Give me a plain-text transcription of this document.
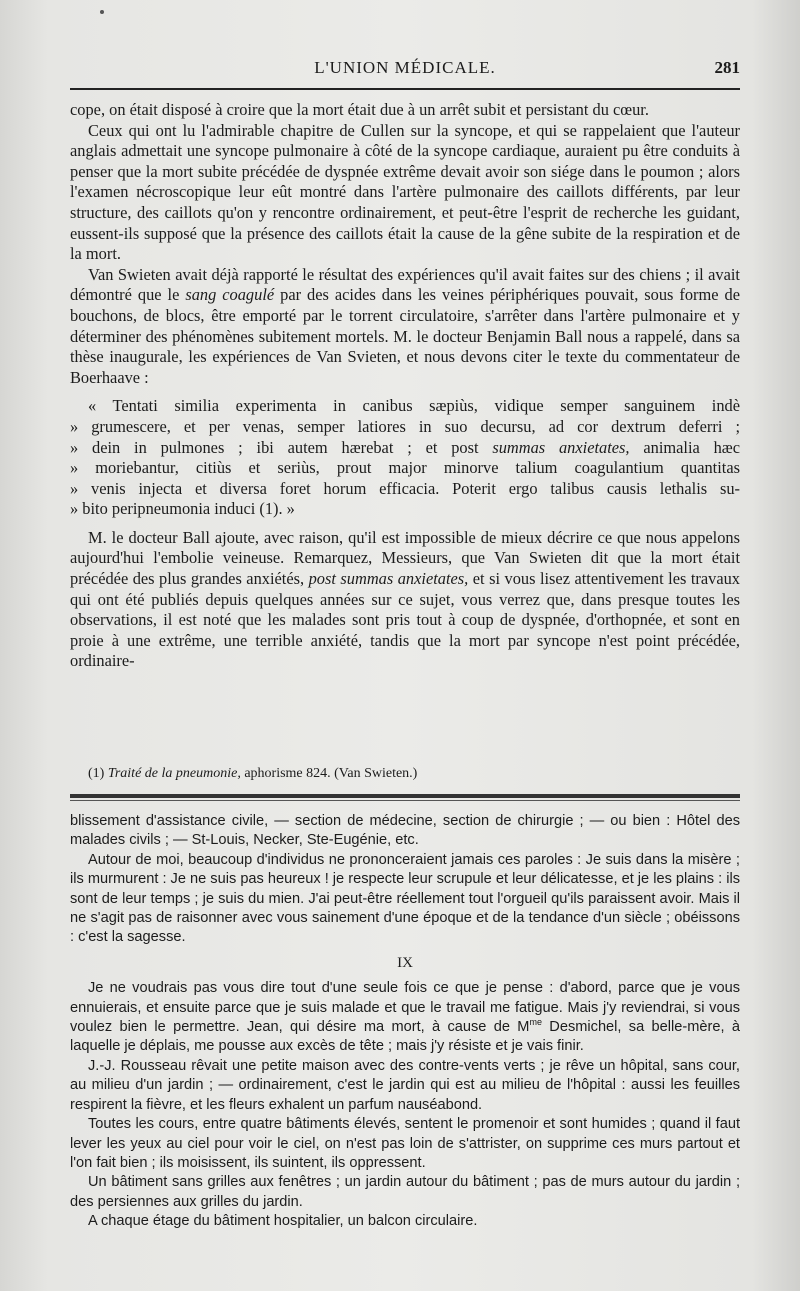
L'UNION MÉDICALE.	281

cope, on était disposé à croire que la mort était due à un arrêt subit et persistant du cœur.

Ceux qui ont lu l'admirable chapitre de Cullen sur la syncope, et qui se rappelaient que l'auteur anglais admettait une syncope pulmonaire à côté de la syncope cardiaque, auraient pu être conduits à penser que la mort subite précédée de dyspnée extrême devait avoir son siége dans le poumon ; alors l'examen nécroscopique leur eût montré dans l'artère pulmonaire des caillots différents, par leur structure, des caillots qu'on y rencontre ordinairement, et peut-être l'esprit de recherche les guidant, eussent-ils supposé que la présence des caillots était la cause de la gêne subite de la respiration et de la mort.

Van Swieten avait déjà rapporté le résultat des expériences qu'il avait faites sur des chiens ; il avait démontré que le sang coagulé par des acides dans les veines périphériques pouvait, sous forme de bouchons, de blocs, être emporté par le torrent circulatoire, s'arrêter dans l'artère pulmonaire et y déterminer des phénomènes subitement mortels. M. le docteur Benjamin Ball nous a rappelé, dans sa thèse inaugurale, les expériences de Van Svieten, et nous devons citer le texte du commentateur de Boerhaave :

« Tentati similia experimenta in canibus sæpiùs, vidique semper sanguinem indè
» grumescere, et per venas, semper latiores in suo decursu, ad cor dextrum deferri ;
» dein in pulmones ; ibi autem hærebat ; et post summas anxietates, animalia hæc
» moriebantur, citiùs et seriùs, prout major minorve talium coagulantium quantitas
» venis injecta et diversa foret horum efficacia. Poterit ergo talibus causis lethalis su-
» bito peripneumonia induci (1). »

M. le docteur Ball ajoute, avec raison, qu'il est impossible de mieux décrire ce que nous appelons aujourd'hui l'embolie veineuse. Remarquez, Messieurs, que Van Swieten dit que la mort était précédée des plus grandes anxiétés, post summas anxietates, et si vous lisez attentivement les travaux qui ont été publiés depuis quelques années sur ce sujet, vous verrez que, dans presque toutes les observations, il est noté que les malades sont pris tout à coup de dyspnée, d'orthopnée, et sont en proie à une extrême, une terrible anxiété, tandis que la mort par syncope n'est point précédée, ordinaire-

(1) Traité de la pneumonie, aphorisme 824. (Van Swieten.)

blissement d'assistance civile, — section de médecine, section de chirurgie ; — ou bien : Hôtel des malades civils ; — St-Louis, Necker, Ste-Eugénie, etc.

Autour de moi, beaucoup d'individus ne prononceraient jamais ces paroles : Je suis dans la misère ; ils murmurent : Je ne suis pas heureux ! je respecte leur scrupule et leur délicatesse, et je les plains : ils sont de leur temps ; je suis du mien. J'ai peut-être réellement tout l'orgueil qu'ils paraissent avoir. Mais il ne s'agit pas de raisonner avec vous sainement d'une époque et de la tendance d'un siècle ; obéissons : c'est la sagesse.

IX

Je ne voudrais pas vous dire tout d'une seule fois ce que je pense : d'abord, parce que je vous ennuierais, et ensuite parce que je suis malade et que le travail me fatigue. Mais j'y reviendrai, si vous voulez bien le permettre. Jean, qui désire ma mort, à cause de $M^{me}$ Desmichel, sa belle-mère, à laquelle je déplais, me pousse aux excès de tête ; mais j'y résiste et je vais finir.

J.-J. Rousseau rêvait une petite maison avec des contre-vents verts ; je rêve un hôpital, sans cour, au milieu d'un jardin ; — ordinairement, c'est le jardin qui est au milieu de l'hôpital : aussi les feuilles respirent la fièvre, et les fleurs exhalent un parfum nauséabond.

Toutes les cours, entre quatre bâtiments élevés, sentent le promenoir et sont humides ; quand il faut lever les yeux au ciel pour voir le ciel, on n'est pas loin de s'attrister, on supprime ces murs partout et l'on fait bien ; ils moisissent, ils suintent, ils oppressent.

Un bâtiment sans grilles aux fenêtres ; un jardin autour du bâtiment ; pas de murs autour du jardin ; des persiennes aux grilles du jardin.

A chaque étage du bâtiment hospitalier, un balcon circulaire.
